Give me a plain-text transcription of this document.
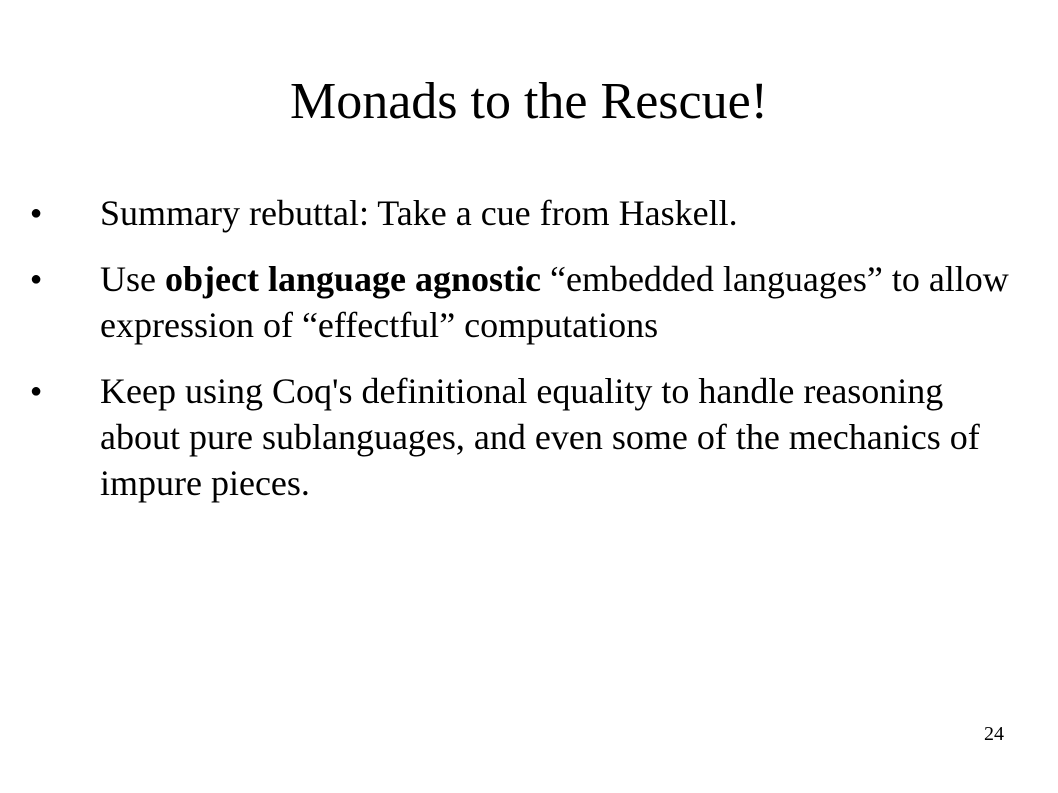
Monads to the Rescue!
●	Summary rebuttal: Take a cue from Haskell.
●	Use object language agnostic “embedded languages” to allow expression of “effectful” computations
●	Keep using Coq's definitional equality to handle reasoning about pure sublanguages, and even some of the mechanics of impure pieces.
24
